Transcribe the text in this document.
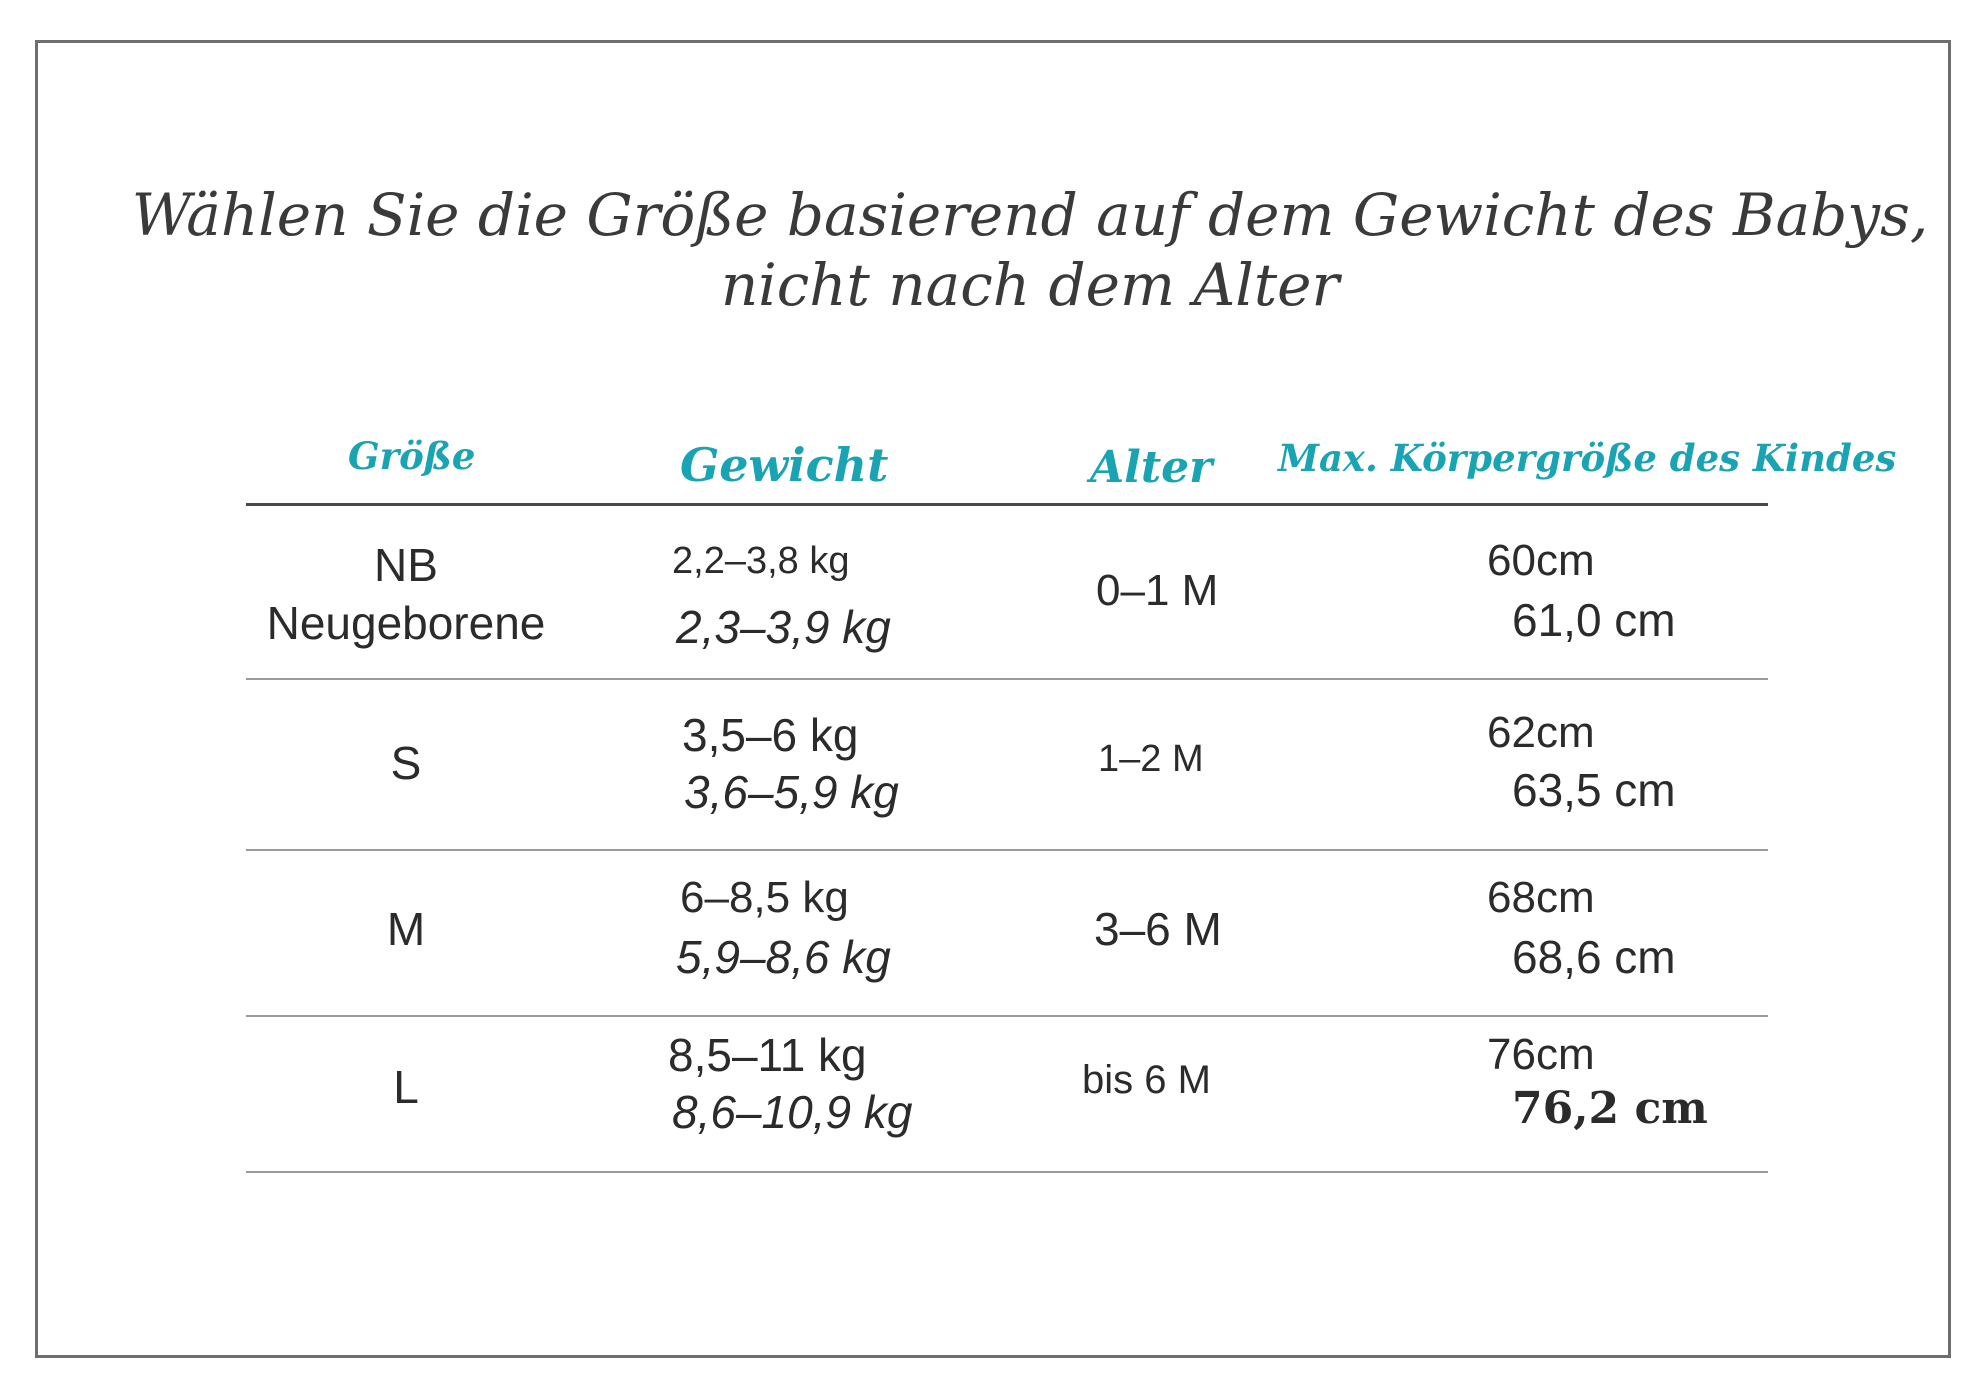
Wählen Sie die Größe basierend auf dem Gewicht des Babys, nicht nach dem Alter
Größe	Gewicht	Alter Max. Körpergröße des Kindes
NB
Neugeborene
2,2–3,8 kg
2,3–3,9 kg
0–1 M
60cm
61,0 cm
S
3,5–6 kg
3,6–5,9 kg
1–2 M
62cm
63,5 cm
M
6–8,5 kg
5,9–8,6 kg
3–6 M
68cm
68,6 cm
L
8,5–11 kg
8,6–10,9 kg
bis 6 M
76cm
76,2 cm
